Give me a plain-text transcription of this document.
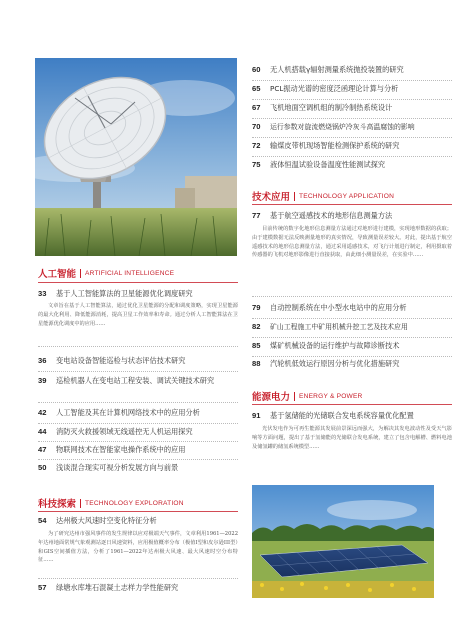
人工智能 ARTIFICIAL INTELLIGENCE
33	基于人工智能算法的卫星能源优化调度研究
文章旨在基于人工智能算法，通过优化卫星能源的分配和调度策略，实现卫星能源的最大化利用、降低能源消耗，提高卫星工作效率和寿命。通过分析人工智能算法在卫星能源优化调度中的应用……
36	变电站设备智能巡检与状态评估技术研究
39	巡检机器人在变电站工程安装、调试关键技术研究
42	人工智能及其在计算机网络技术中的应用分析
44	消防灭火救援领域无线遥控无人机运用探究
47	物联网技术在智能家电操作系统中的应用
50	浅谈混合现实可视分析发展方向与前景
科技探索 TECHNOLOGY EXPLORATION
54	达州极大风速时空变化特征分析
为了研究达州市强风事件的发生规律以应对极端天气事件，文章利用1961—2022年达州地面常规气象观测站逐日风速资料，应用极值概率分布（极值I型和皮尔逊III型）和GIS空间插值方法，分析了1961—2022年达州极大风速、最大风速时空分布特征……
57	绿塘水库堆石混凝土志样力学性能研究
60	无人机搭载γ辐射测量系统抛投装置的研究
65	PCL振动光谱的密度泛函理论计算与分析
67	飞机地面空调机组的制冷制热系统设计
70	运行参数对旋流燃烧锅炉冷灰斗高温腐蚀的影响
72	输煤皮带机现场智能检测保护系统的研究
75	液体恒温试验设备温度性能测试探究
技术应用 TECHNOLOGY APPLICATION
77	基于航空遥感技术的地形信息测量方法
目前传统的数字化地形信息测量方法通过对地形进行建模，实现地形数据的获取；由于建模数据无法反映测量地形的真实情况，导致测量误差较大。对此，提出基于航空遥感技术的地形信息测量方法，通过采用遥感技术，对飞行计划进行制定，利用摄取着传感器的飞机对地形影像进行直接获取，由此细小测量误差，在实验中……
79	自动控制系统在中小型水电站中的应用分析
82	矿山工程施工中矿用机械升挖工艺及技术应用
85	煤矿机械设备的运行维护与故障诊断技术
88	汽轮机低效运行原因分析与优化措施研究
能源电力 ENERGY & POWER
91	基于氢储能的光储联合发电系统容量优化配置
光伏发电作为可再生能源其发展前景深远而强大，为解决其发电波动性及受天气影响等方面问题，提出了基于氢储能的光储联合发电系统，建立了包含电解槽、燃料电池及储氢罐的储氢系统模型……
